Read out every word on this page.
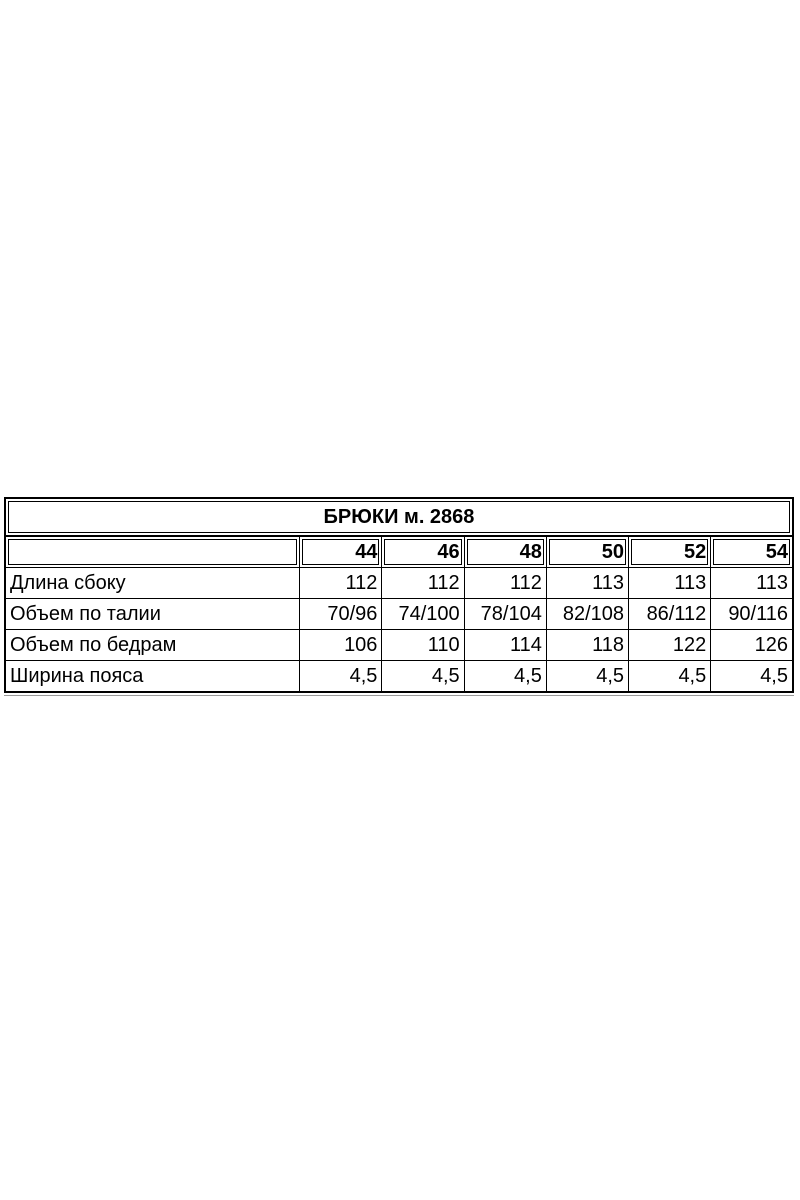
БРЮКИ м. 2868						
	44	46	48	50	52	54
Длина сбоку	112	112	112	113	113	113
Объем по талии	70/96	74/100	78/104	82/108	86/112	90/116
Объем по бедрам	106	110	114	118	122	126
Ширина пояса	4,5	4,5	4,5	4,5	4,5	4,5
